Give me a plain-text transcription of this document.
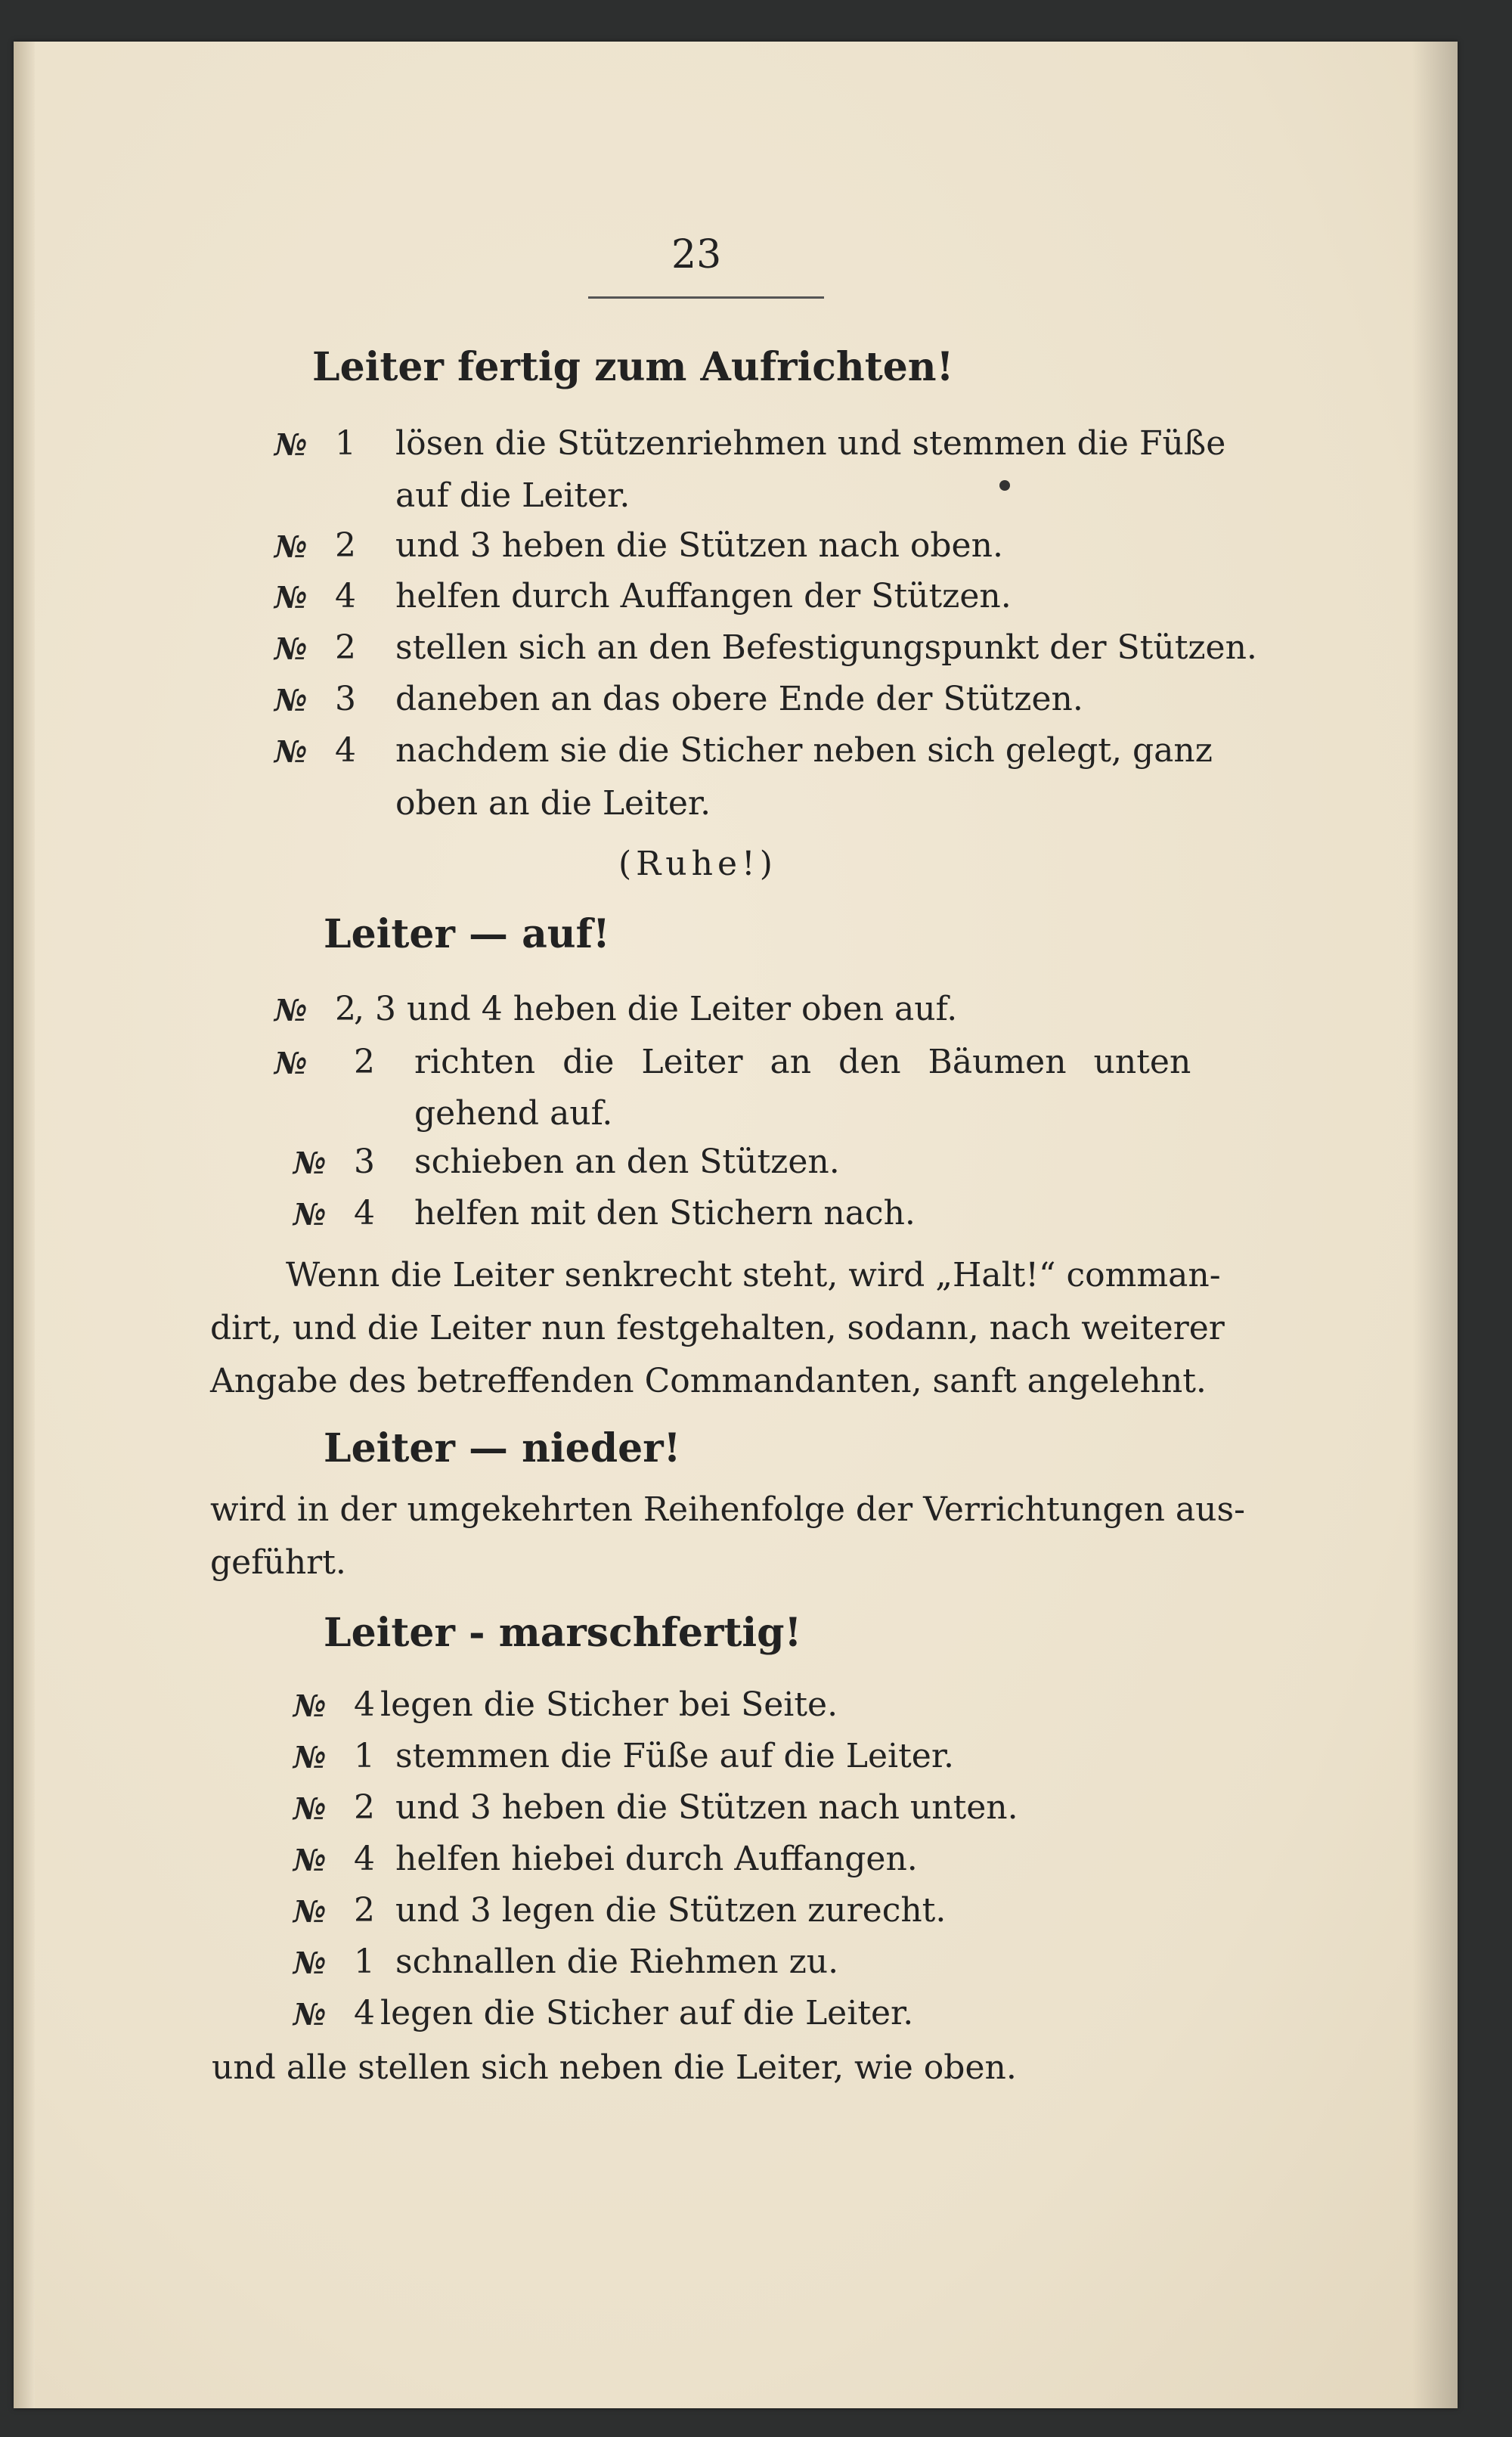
23
Leiter fertig zum Aufrichten!
№ 1 lösen die Stützenriehmen und stemmen die Füße
auf die Leiter.
№ 2 und 3 heben die Stützen nach oben.
№ 4 helfen durch Auffangen der Stützen.
№ 2 stellen sich an den Befestigungspunkt der Stützen.
№ 3 daneben an das obere Ende der Stützen.
№ 4 nachdem sie die Sticher neben sich gelegt, ganz
oben an die Leiter.
(Ruhe!)
Leiter — auf!
№ 2
, 3 und 4 heben die Leiter oben auf.
№ 2 richten die Leiter an den Bäumen unten
gehend auf.
№ 3 schieben an den Stützen.
№ 4 helfen mit den Stichern nach.
Wenn die Leiter senkrecht steht, wird „Halt!“ comman-
dirt, und die Leiter nun festgehalten, sodann, nach weiterer
Angabe des betreffenden Commandanten, sanft angelehnt.
Leiter — nieder!
wird in der umgekehrten Reihenfolge der Verrichtungen aus-
geführt.
Leiter - marschfertig!
№ 4 legen die Sticher bei Seite.
№ 1 stemmen die Füße auf die Leiter.
№ 2 und 3 heben die Stützen nach unten.
№ 4 helfen hiebei durch Auffangen.
№ 2 und 3 legen die Stützen zurecht.
№ 1 schnallen die Riehmen zu.
№ 4 legen die Sticher auf die Leiter.
und alle stellen sich neben die Leiter, wie oben.
